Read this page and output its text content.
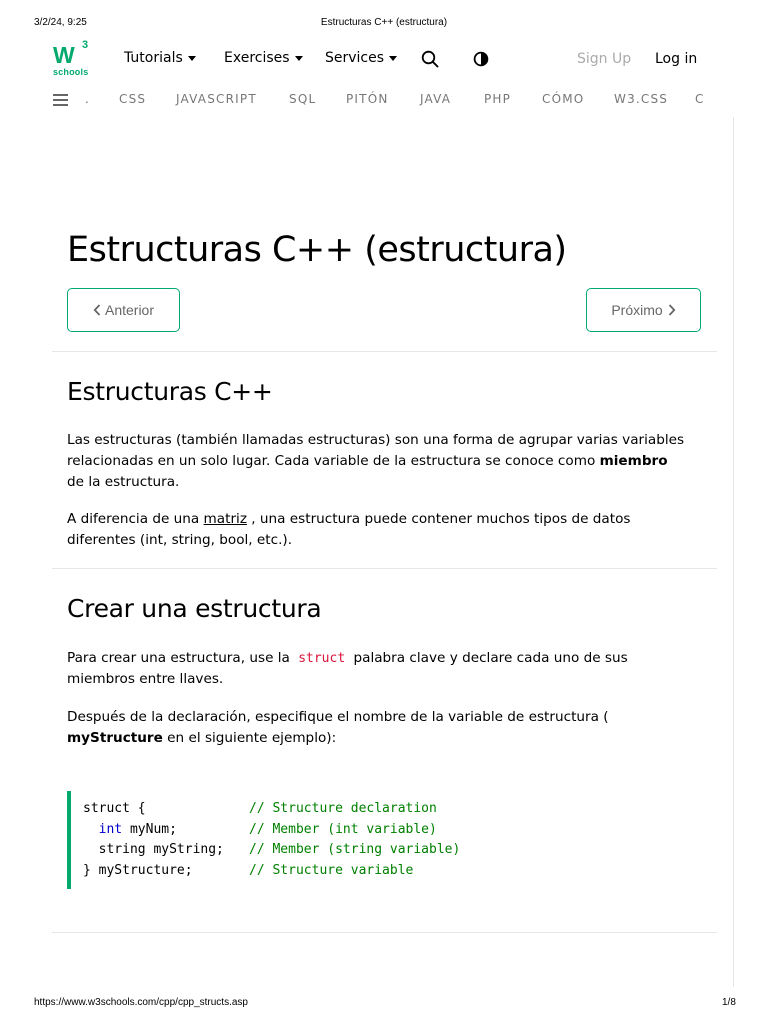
3/2/24, 9:25	Estructuras C++ (estructura)
W 3
schools
Tutorials	Exercises	Services	Sign Up Log in
. CSS JAVASCRIPT	SQL PITÓN	JAVA	PHP	CÓMO W3.CSS C
Estructuras C++ (estructura)
Anterior	Próximo
Estructuras C++

Las estructuras (también llamadas estructuras) son una forma de agrupar varias variables relacionadas en un solo lugar. Cada variable de la estructura se conoce como miembro de la estructura.

A diferencia de una matriz , una estructura puede contener muchos tipos de datos diferentes (int, string, bool, etc.).

Crear una estructura

Para crear una estructura, use la struct palabra clave y declare cada uno de sus miembros entre llaves.

Después de la declaración, especifique el nombre de la variable de estructura ( myStructure en el siguiente ejemplo):

struct {	// Structure declaration
int myNum;	// Member (int variable)
string myString; // Member (string variable)
} myStructure;	// Structure variable
https://www.w3schools.com/cpp/cpp_structs.asp	1/8
